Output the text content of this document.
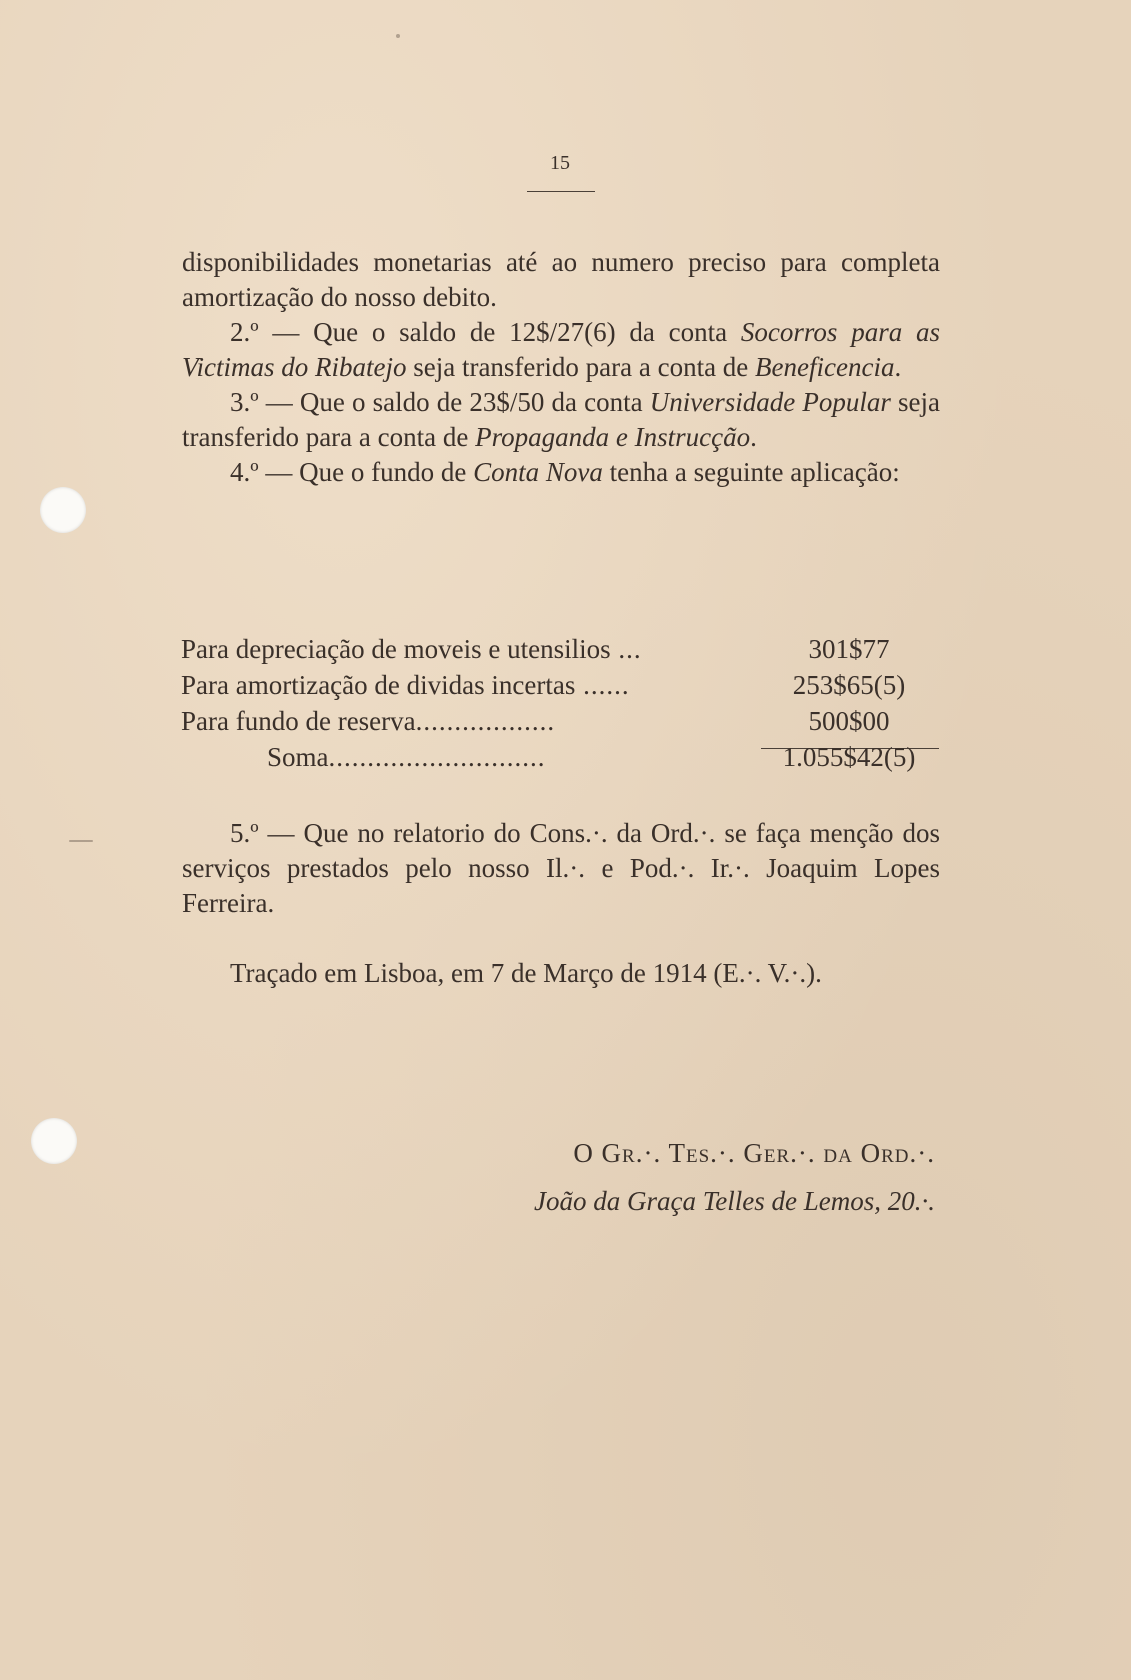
15

disponibilidades monetarias até ao numero preciso para completa amortização do nosso debito.

2.º — Que o saldo de 12$/27(6) da conta Socorros para as Victimas do Ribatejo seja transferido para a conta de Beneficencia.

3.º — Que o saldo de 23$/50 da conta Universidade Popular seja transferido para a conta de Propaganda e Instrucção.

4.º — Que o fundo de Conta Nova tenha a seguinte aplicação:

Para depreciação de moveis e utensilios ...	301$77
Para amortização de dividas incertas ......	253$65(5)
Para fundo de reserva..................	500$00
Soma............................	1.055$42(5)

5.º — Que no relatorio do Cons.·. da Ord.·. se faça menção dos serviços prestados pelo nosso Il.·. e Pod.·. Ir.·. Joaquim Lopes Ferreira.

Traçado em Lisboa, em 7 de Março de 1914 (E.·. V.·.).

O Gr.·. Tes.·. Ger.·. da Ord.·.
João da Graça Telles de Lemos, 20.·.
